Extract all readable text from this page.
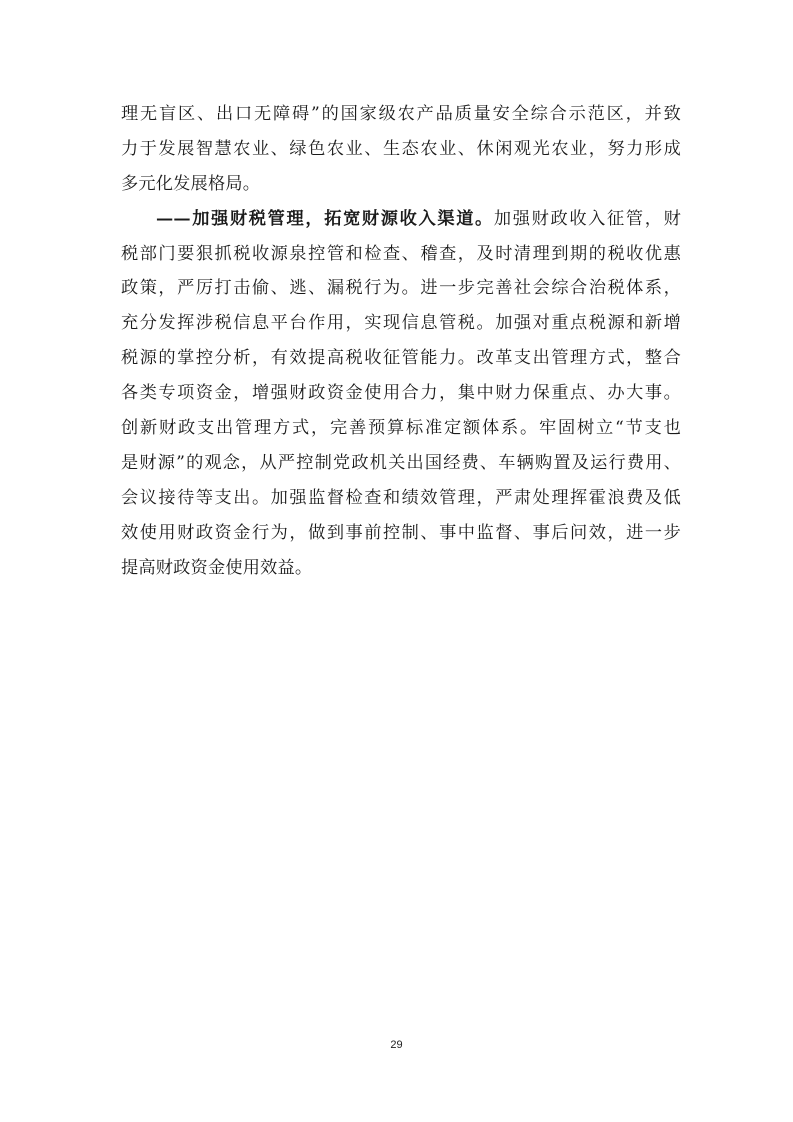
理无盲区、出口无障碍”的国家级农产品质量安全综合示范区，并致
力于发展智慧农业、绿色农业、生态农业、休闲观光农业，努力形成
多元化发展格局。
——加强财税管理，拓宽财源收入渠道。加强财政收入征管，财
税部门要狠抓税收源泉控管和检查、稽查，及时清理到期的税收优惠
政策，严厉打击偷、逃、漏税行为。进一步完善社会综合治税体系，
充分发挥涉税信息平台作用，实现信息管税。加强对重点税源和新增
税源的掌控分析，有效提高税收征管能力。改革支出管理方式，整合
各类专项资金，增强财政资金使用合力，集中财力保重点、办大事。
创新财政支出管理方式，完善预算标准定额体系。牢固树立“节支也
是财源”的观念，从严控制党政机关出国经费、车辆购置及运行费用、
会议接待等支出。加强监督检查和绩效管理，严肃处理挥霍浪费及低
效使用财政资金行为，做到事前控制、事中监督、事后问效，进一步
提高财政资金使用效益。
29
